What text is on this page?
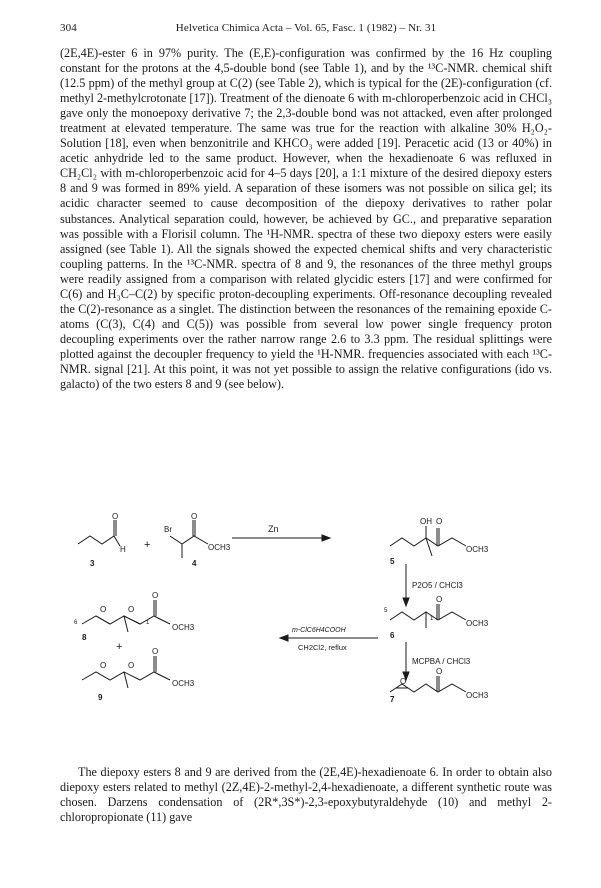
304	Helvetica Chimica Acta – Vol. 65, Fasc. 1 (1982) – Nr. 31

(2E,4E)-ester 6 in 97% purity. The (E,E)-configuration was confirmed by the 16 Hz coupling constant for the protons at the 4,5-double bond (see Table 1), and by the ¹³C-NMR. chemical shift (12.5 ppm) of the methyl group at C(2) (see Table 2), which is typical for the (2E)-configuration (cf. methyl 2-methylcrotonate [17]). Treatment of the dienoate 6 with m-chloroperbenzoic acid in CHCl₃ gave only the monoepoxy derivative 7; the 2,3-double bond was not attacked, even after prolonged treatment at elevated temperature. The same was true for the reaction with alkaline 30% H₂O₂-Solution [18], even when benzonitrile and KHCO₃ were added [19]. Peracetic acid (13 or 40%) in acetic anhydride led to the same product. However, when the hexadienoate 6 was refluxed in CH₂Cl₂ with m-chloroperbenzoic acid for 4–5 days [20], a 1:1 mixture of the desired diepoxy esters 8 and 9 was formed in 89% yield. A separation of these isomers was not possible on silica gel; its acidic character seemed to cause decomposition of the diepoxy derivatives to rather polar substances. Analytical separation could, however, be achieved by GC., and preparative separation was possible with a Florisil column. The ¹H-NMR. spectra of these two diepoxy esters were easily assigned (see Table 1). All the signals showed the expected chemical shifts and very characteristic coupling patterns. In the ¹³C-NMR. spectra of 8 and 9, the resonances of the three methyl groups were readily assigned from a comparison with related glycidic esters [17] and were confirmed for C(6) and H₃C–C(2) by specific proton-decoupling experiments. Off-resonance decoupling revealed the C(2)-resonance as a singlet. The distinction between the resonances of the remaining epoxide C-atoms (C(3), C(4) and C(5)) was possible from several low power single frequency proton decoupling experiments over the rather narrow range 2.6 to 3.3 ppm. The residual splittings were plotted against the decoupler frequency to yield the ¹H-NMR. frequencies associated with each ¹³C-NMR. signal [21]. At this point, it was not yet possible to assign the relative configurations (ido vs. galacto) of the two esters 8 and 9 (see below).

O
H
3
+
Br
O
OCH3
4
Zn
OH O
OCH3
5
P2O5 / CHCl3
5
1
O
OCH3
6
MCPBA / CHCl3
O
O
OCH3
7
m-ClC6H4COOH
CH2Cl2, reflux
6
O	O
O
1	OCH3
8
+
O	O
O
OCH3
9

The diepoxy esters 8 and 9 are derived from the (2E,4E)-hexadienoate 6. In order to obtain also diepoxy esters related to methyl (2Z,4E)-2-methyl-2,4-hexadienoate, a different synthetic route was chosen. Darzens condensation of (2R*,3S*)-2,3-epoxybutyraldehyde (10) and methyl 2-chloropropionate (11) gave
